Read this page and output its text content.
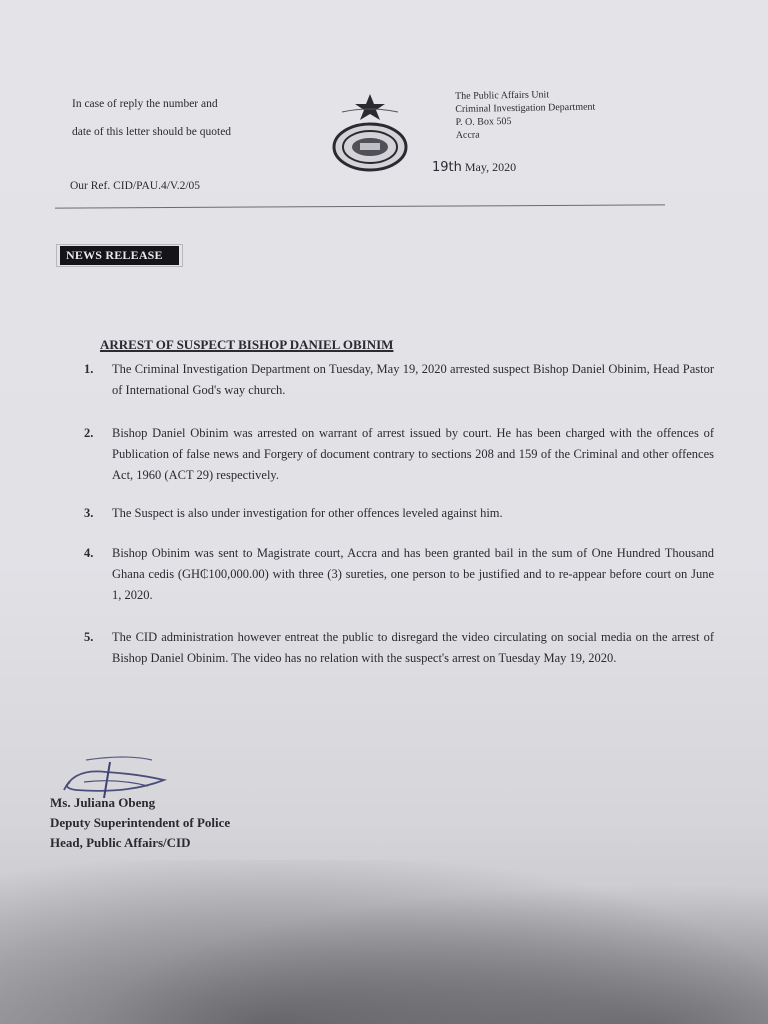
In case of reply the number and
date of this letter should be quoted
The Public Affairs Unit
Criminal Investigation Department
P. O. Box 505
Accra
19th May, 2020
Our Ref. CID/PAU.4/V.2/05
NEWS RELEASE
ARREST OF SUSPECT BISHOP DANIEL OBINIM
1. The Criminal Investigation Department on Tuesday, May 19, 2020 arrested suspect Bishop Daniel Obinim, Head Pastor of International God's way church.
2. Bishop Daniel Obinim was arrested on warrant of arrest issued by court. He has been charged with the offences of Publication of false news and Forgery of document contrary to sections 208 and 159 of the Criminal and other offences Act, 1960 (ACT 29) respectively.
3. The Suspect is also under investigation for other offences leveled against him.
4. Bishop Obinim was sent to Magistrate court, Accra and has been granted bail in the sum of One Hundred Thousand Ghana cedis (GH₵100,000.00) with three (3) sureties, one person to be justified and to re-appear before court on June 1, 2020.
5. The CID administration however entreat the public to disregard the video circulating on social media on the arrest of Bishop Daniel Obinim. The video has no relation with the suspect's arrest on Tuesday May 19, 2020.
Ms. Juliana Obeng
Deputy Superintendent of Police
Head, Public Affairs/CID
